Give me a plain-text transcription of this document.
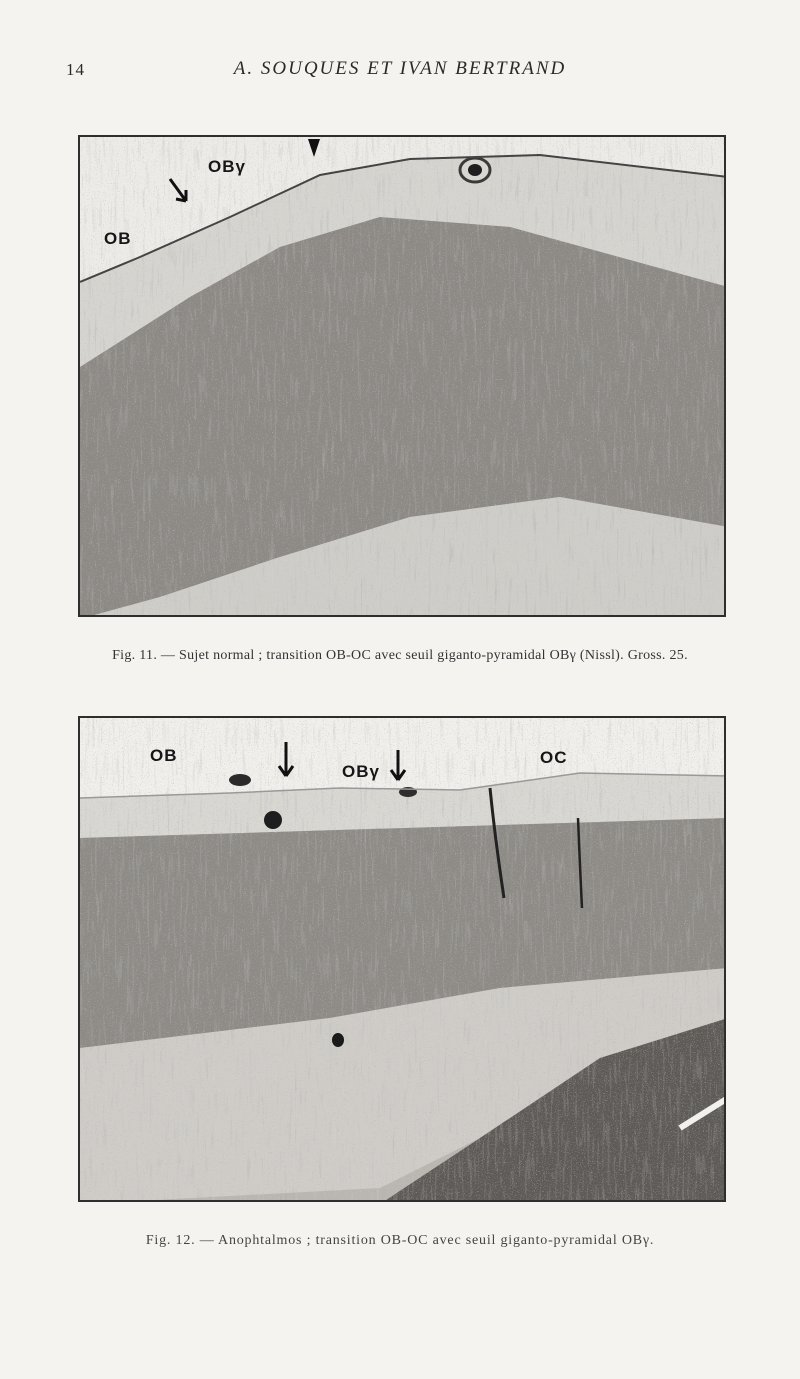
14	A. SOUQUES ET IVAN BERTRAND
OB
OBγ
Fig. 11. — Sujet normal ; transition OB-OC avec seuil giganto-pyramidal OBγ (Nissl). Gross. 25.
OB
OBγ
OC
Fig. 12. — Anophtalmos ; transition OB-OC avec seuil giganto-pyramidal OBγ.
